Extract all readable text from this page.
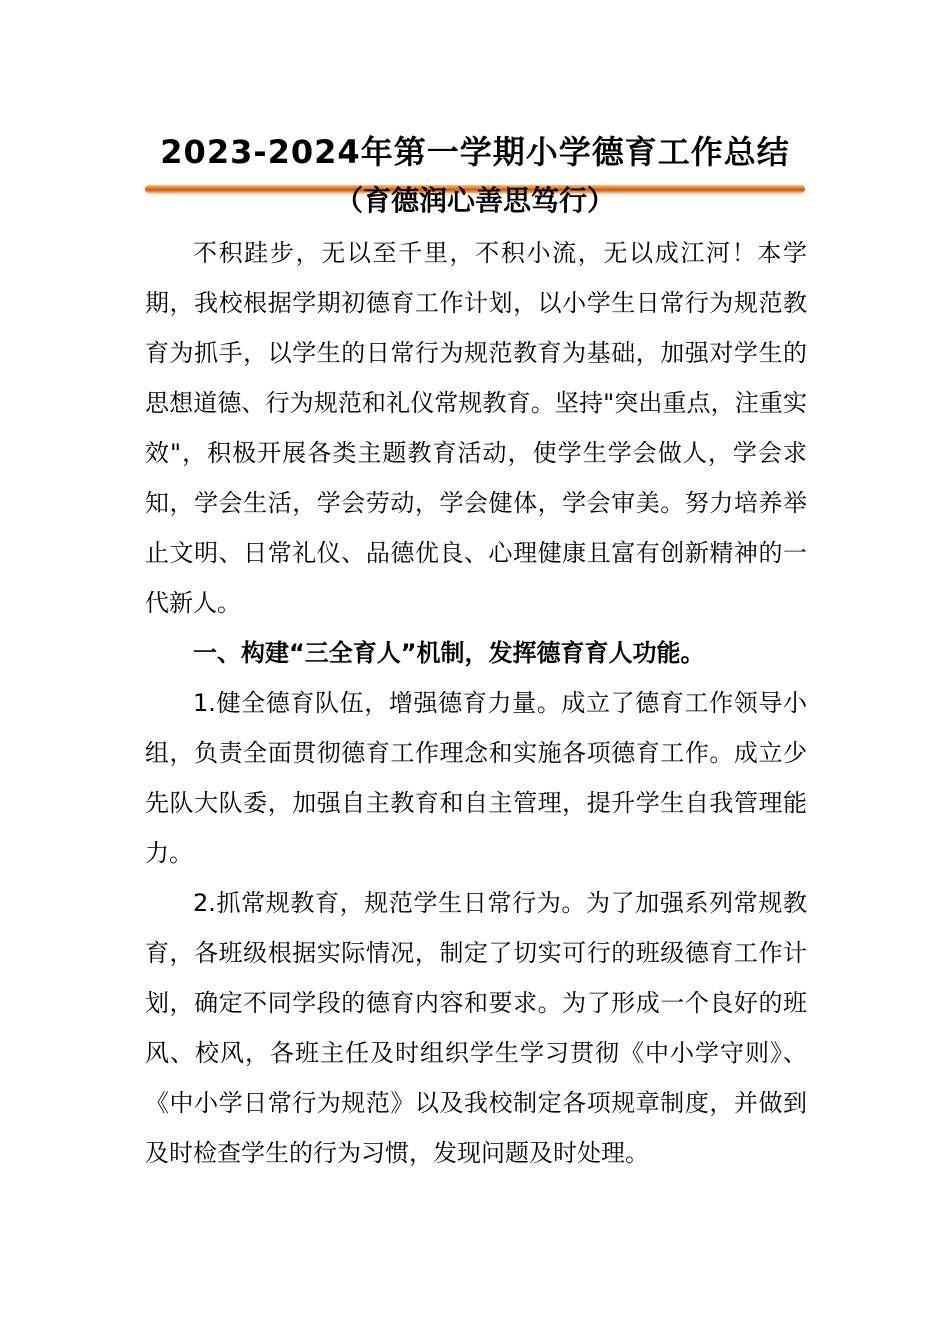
2023-2024年第一学期小学德育工作总结
（育德润心善思笃行）

不积跬步，无以至千里，不积小流，无以成江河！本学期，我校根据学期初德育工作计划，以小学生日常行为规范教育为抓手，以学生的日常行为规范教育为基础，加强对学生的思想道德、行为规范和礼仪常规教育。坚持"突出重点，注重实效"，积极开展各类主题教育活动，使学生学会做人，学会求知，学会生活，学会劳动，学会健体，学会审美。努力培养举止文明、日常礼仪、品德优良、心理健康且富有创新精神的一代新人。

一、构建“三全育人”机制，发挥德育育人功能。

1.健全德育队伍，增强德育力量。成立了德育工作领导小组，负责全面贯彻德育工作理念和实施各项德育工作。成立少先队大队委，加强自主教育和自主管理，提升学生自我管理能力。

2.抓常规教育，规范学生日常行为。为了加强系列常规教育，各班级根据实际情况，制定了切实可行的班级德育工作计划，确定不同学段的德育内容和要求。为了形成一个良好的班风、校风，各班主任及时组织学生学习贯彻《中小学守则》、《中小学日常行为规范》以及我校制定各项规章制度，并做到及时检查学生的行为习惯，发现问题及时处理。
